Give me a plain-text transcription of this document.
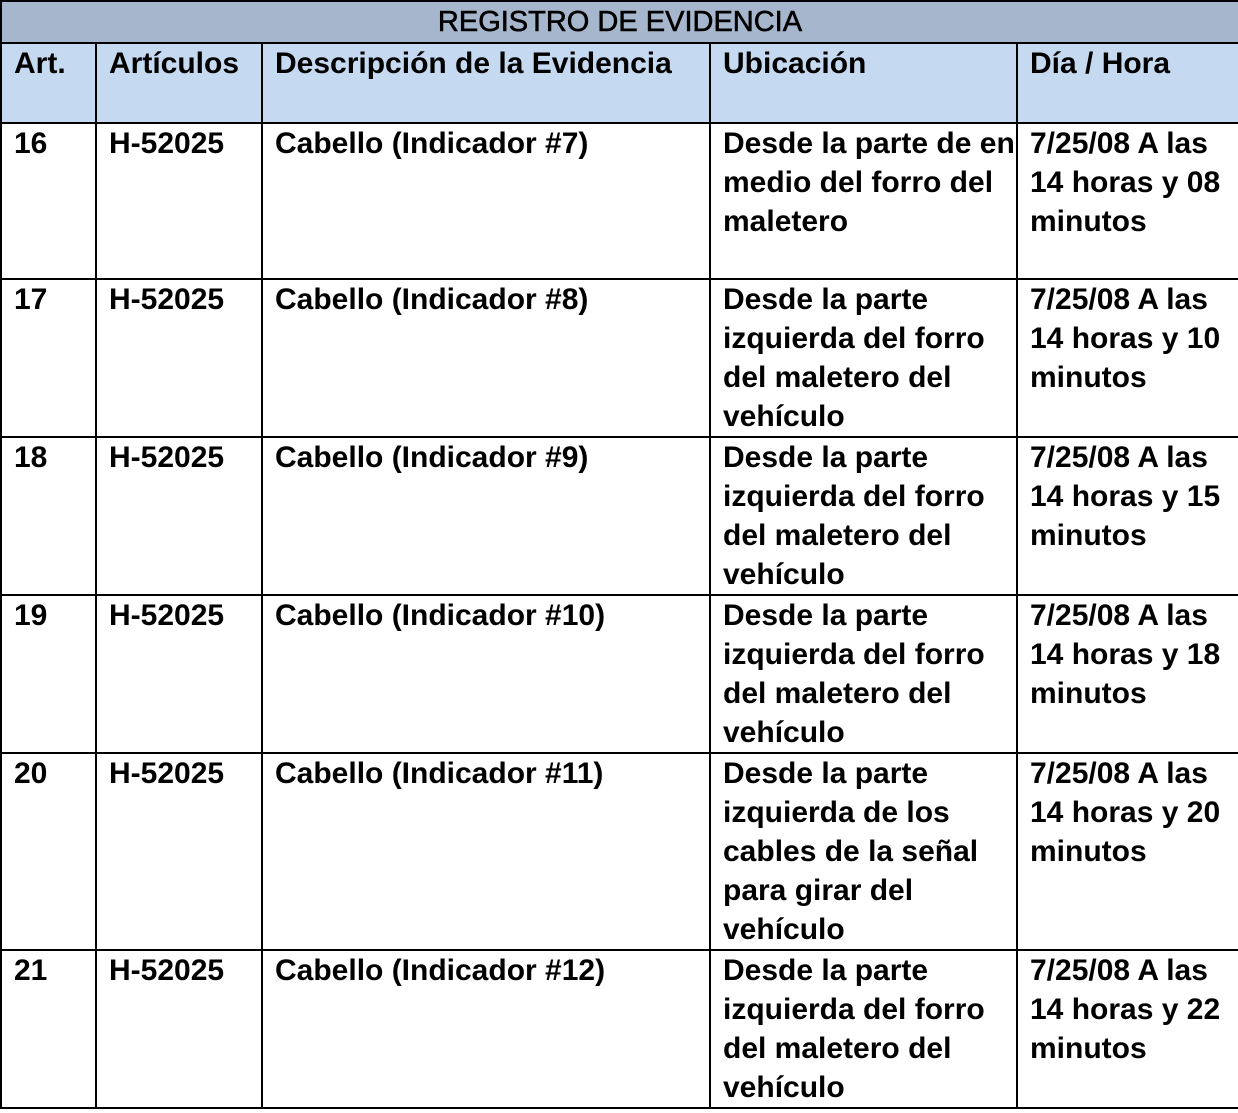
REGISTRO DE EVIDENCIA				
Art.	Artículos	Descripción de la Evidencia	Ubicación	Día / Hora
16	H-52025	Cabello (Indicador #7)	Desde la parte de en medio del forro del maletero	7/25/08 A las 14 horas y 08 minutos
17	H-52025	Cabello (Indicador #8)	Desde la parte izquierda del forro del maletero del vehículo	7/25/08 A las 14 horas y 10 minutos
18	H-52025	Cabello (Indicador #9)	Desde la parte izquierda del forro del maletero del vehículo	7/25/08 A las 14 horas y 15 minutos
19	H-52025	Cabello (Indicador #10)	Desde la parte izquierda del forro del maletero del vehículo	7/25/08 A las 14 horas y 18 minutos
20	H-52025	Cabello (Indicador #11)	Desde la parte izquierda de los cables de la señal para girar del vehículo	7/25/08 A las 14 horas y 20 minutos
21	H-52025	Cabello (Indicador #12)	Desde la parte izquierda del forro del maletero del vehículo	7/25/08 A las 14 horas y 22 minutos
